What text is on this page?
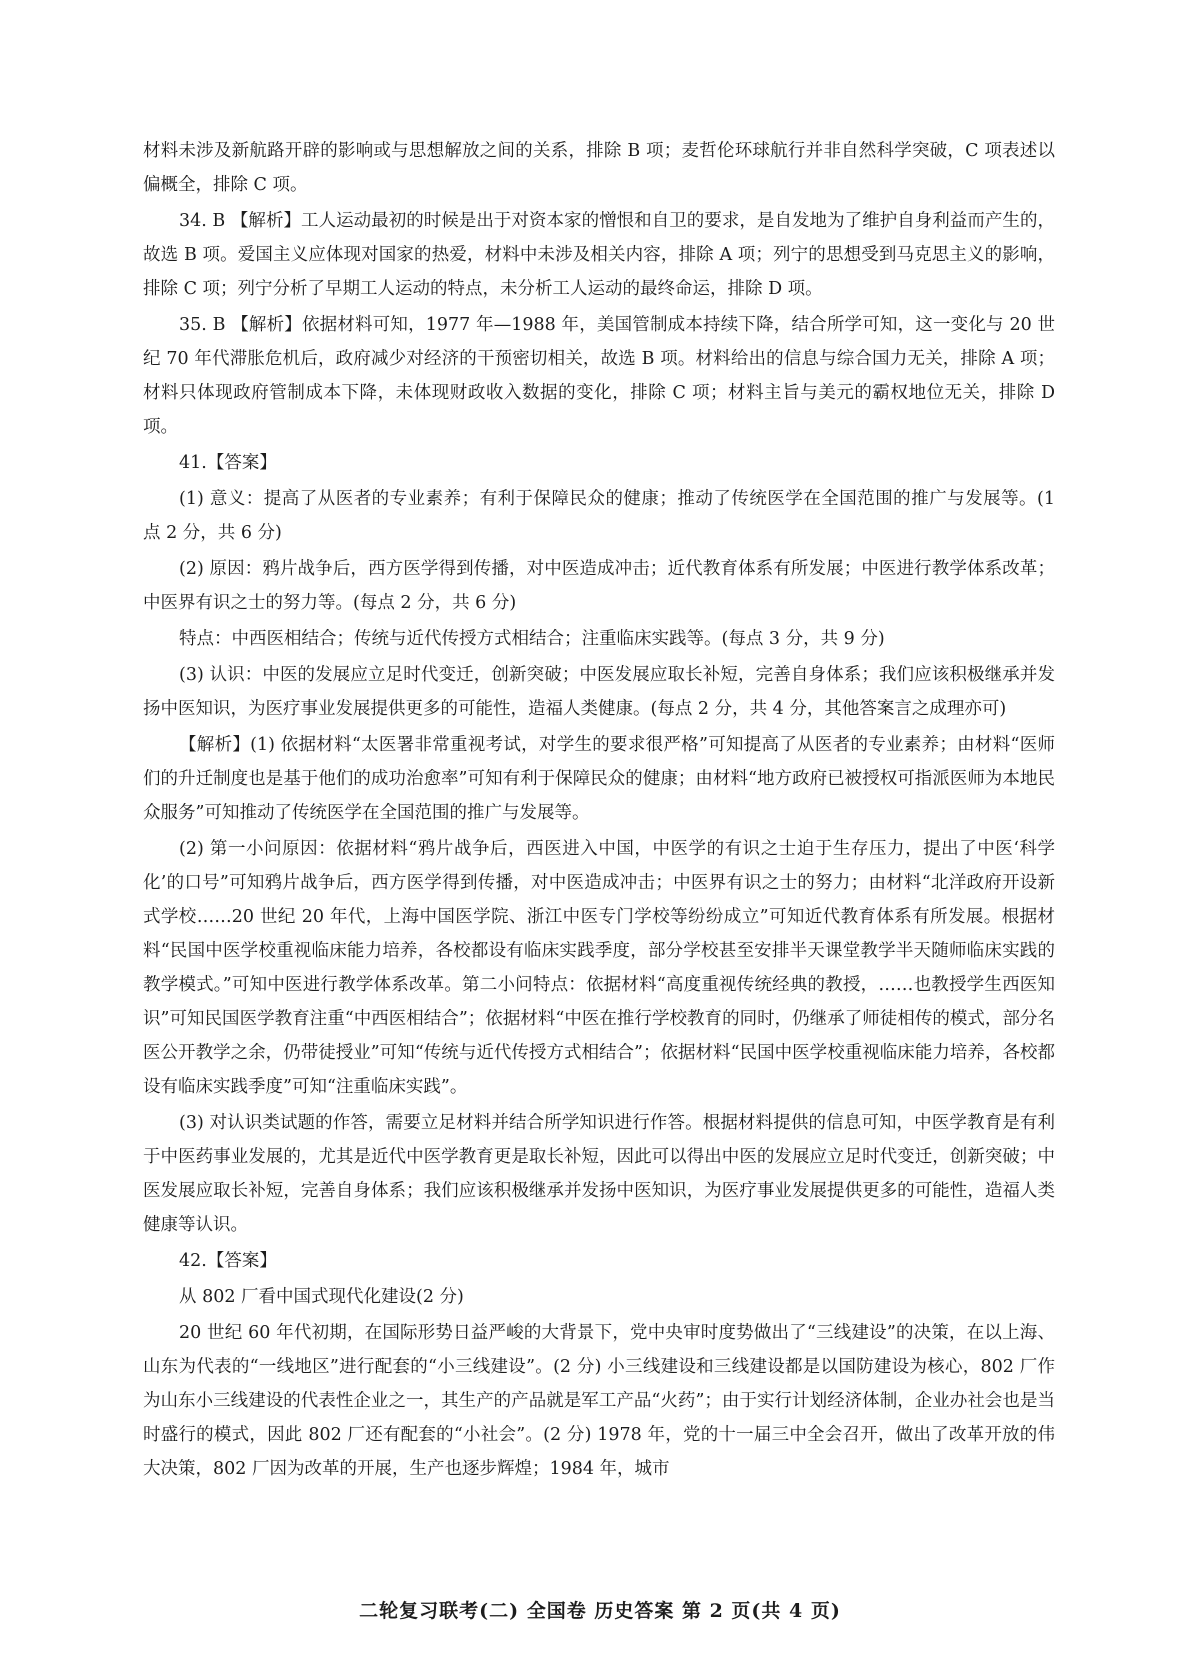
材料未涉及新航路开辟的影响或与思想解放之间的关系，排除 B 项；麦哲伦环球航行并非自然科学突破，C 项表述以偏概全，排除 C 项。

34. B 【解析】工人运动最初的时候是出于对资本家的憎恨和自卫的要求，是自发地为了维护自身利益而产生的，故选 B 项。爱国主义应体现对国家的热爱，材料中未涉及相关内容，排除 A 项；列宁的思想受到马克思主义的影响，排除 C 项；列宁分析了早期工人运动的特点，未分析工人运动的最终命运，排除 D 项。

35. B 【解析】依据材料可知，1977 年—1988 年，美国管制成本持续下降，结合所学可知，这一变化与 20 世纪 70 年代滞胀危机后，政府减少对经济的干预密切相关，故选 B 项。材料给出的信息与综合国力无关，排除 A 项；材料只体现政府管制成本下降，未体现财政收入数据的变化，排除 C 项；材料主旨与美元的霸权地位无关，排除 D 项。

41.【答案】

(1) 意义：提高了从医者的专业素养；有利于保障民众的健康；推动了传统医学在全国范围的推广与发展等。(1 点 2 分，共 6 分)

(2) 原因：鸦片战争后，西方医学得到传播，对中医造成冲击；近代教育体系有所发展；中医进行教学体系改革；中医界有识之士的努力等。(每点 2 分，共 6 分)

特点：中西医相结合；传统与近代传授方式相结合；注重临床实践等。(每点 3 分，共 9 分)

(3) 认识：中医的发展应立足时代变迁，创新突破；中医发展应取长补短，完善自身体系；我们应该积极继承并发扬中医知识，为医疗事业发展提供更多的可能性，造福人类健康。(每点 2 分，共 4 分，其他答案言之成理亦可)

【解析】(1) 依据材料“太医署非常重视考试，对学生的要求很严格”可知提高了从医者的专业素养；由材料“医师们的升迁制度也是基于他们的成功治愈率”可知有利于保障民众的健康；由材料“地方政府已被授权可指派医师为本地民众服务”可知推动了传统医学在全国范围的推广与发展等。

(2) 第一小问原因：依据材料“鸦片战争后，西医进入中国，中医学的有识之士迫于生存压力，提出了中医‘科学化’的口号”可知鸦片战争后，西方医学得到传播，对中医造成冲击；中医界有识之士的努力；由材料“北洋政府开设新式学校……20 世纪 20 年代，上海中国医学院、浙江中医专门学校等纷纷成立”可知近代教育体系有所发展。根据材料“民国中医学校重视临床能力培养，各校都设有临床实践季度，部分学校甚至安排半天课堂教学半天随师临床实践的教学模式。”可知中医进行教学体系改革。第二小问特点：依据材料“高度重视传统经典的教授，……也教授学生西医知识”可知民国医学教育注重“中西医相结合”；依据材料“中医在推行学校教育的同时，仍继承了师徒相传的模式，部分名医公开教学之余，仍带徒授业”可知“传统与近代传授方式相结合”；依据材料“民国中医学校重视临床能力培养，各校都设有临床实践季度”可知“注重临床实践”。

(3) 对认识类试题的作答，需要立足材料并结合所学知识进行作答。根据材料提供的信息可知，中医学教育是有利于中医药事业发展的，尤其是近代中医学教育更是取长补短，因此可以得出中医的发展应立足时代变迁，创新突破；中医发展应取长补短，完善自身体系；我们应该积极继承并发扬中医知识，为医疗事业发展提供更多的可能性，造福人类健康等认识。

42.【答案】

从 802 厂看中国式现代化建设(2 分)

20 世纪 60 年代初期，在国际形势日益严峻的大背景下，党中央审时度势做出了“三线建设”的决策，在以上海、山东为代表的“一线地区”进行配套的“小三线建设”。(2 分) 小三线建设和三线建设都是以国防建设为核心，802 厂作为山东小三线建设的代表性企业之一，其生产的产品就是军工产品“火药”；由于实行计划经济体制，企业办社会也是当时盛行的模式，因此 802 厂还有配套的“小社会”。(2 分) 1978 年，党的十一届三中全会召开，做出了改革开放的伟大决策，802 厂因为改革的开展，生产也逐步辉煌；1984 年，城市

二轮复习联考(二) 全国卷 历史答案 第 2 页(共 4 页)
